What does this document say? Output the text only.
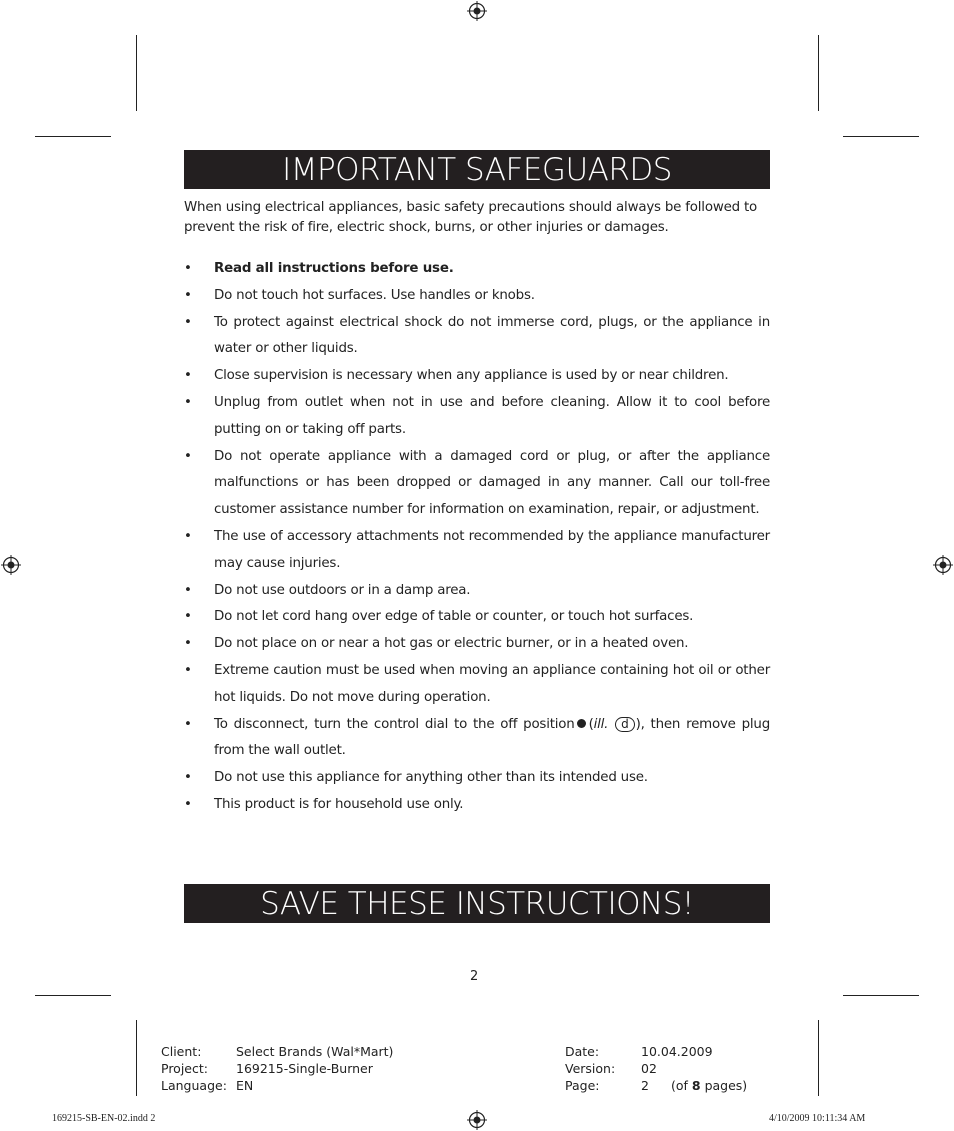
IMPORTANT SAFEGUARDS
When using electrical appliances, basic safety precautions should always be followed to prevent the risk of fire, electric shock, burns, or other injuries or damages.
• Read all instructions before use.
• Do not touch hot surfaces. Use handles or knobs.
• To protect against electrical shock do not immerse cord, plugs, or the appliance in water or other liquids.
• Close supervision is necessary when any appliance is used by or near children.
• Unplug from outlet when not in use and before cleaning. Allow it to cool before putting on or taking off parts.
• Do not operate appliance with a damaged cord or plug, or after the appliance malfunctions or has been dropped or damaged in any manner. Call our toll-free customer assistance number for information on examination, repair, or adjustment.
• The use of accessory attachments not recommended by the appliance manufacturer may cause injuries.
• Do not use outdoors or in a damp area.
• Do not let cord hang over edge of table or counter, or touch hot surfaces.
• Do not place on or near a hot gas or electric burner, or in a heated oven.
• Extreme caution must be used when moving an appliance containing hot oil or other hot liquids. Do not move during operation.
• To disconnect, turn the control dial to the off position (ill. d ), then remove plug from the wall outlet.
• Do not use this appliance for anything other than its intended use.
• This product is for household use only.
SAVE THESE INSTRUCTIONS!
2
Client:
Project:
Language:
Select Brands (Wal*Mart)
169215-Single-Burner
EN
Date:
Version:
Page:
10.04.2009
02
2 (of 8 pages)
169215-SB-EN-02.indd 2	4/10/2009 10:11:34 AM
